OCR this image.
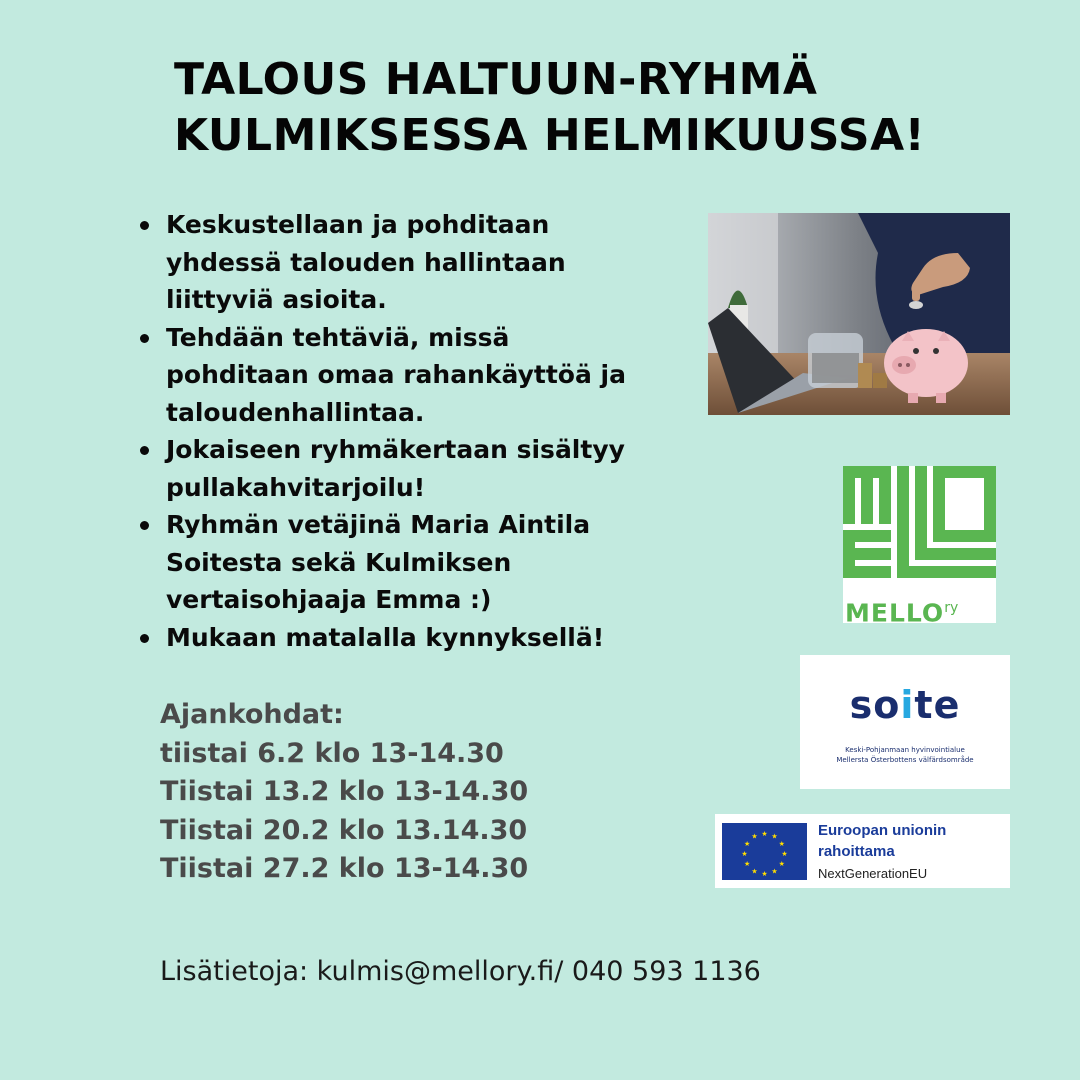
TALOUS HALTUUN-RYHMÄ
KULMIKSESSA HELMIKUUSSA!
Keskustellaan ja pohditaan
yhdessä talouden hallintaan
liittyviä asioita.
Tehdään tehtäviä, missä
pohditaan omaa rahankäyttöä ja
taloudenhallintaa.
Jokaiseen ryhmäkertaan sisältyy
pullakahvitarjoilu!
Ryhmän vetäjinä Maria Aintila
Soitesta sekä Kulmiksen
vertaisohjaaja Emma :)
Mukaan matalalla kynnyksellä!
Ajankohdat:
tiistai 6.2 klo 13-14.30
Tiistai 13.2 klo 13-14.30
Tiistai 20.2 klo 13.14.30
Tiistai 27.2 klo 13-14.30
Lisätietoja: kulmis@mellory.fi/ 040 593 1136
$MELLO^{ry}$
soite
Keski-Pohjanmaan hyvinvointialue
Mellersta Österbottens välfärdsområde
★ ★
★
★
★
★
★
★
★
★
★
★	Euroopan unionin
rahoittama
NextGenerationEU
